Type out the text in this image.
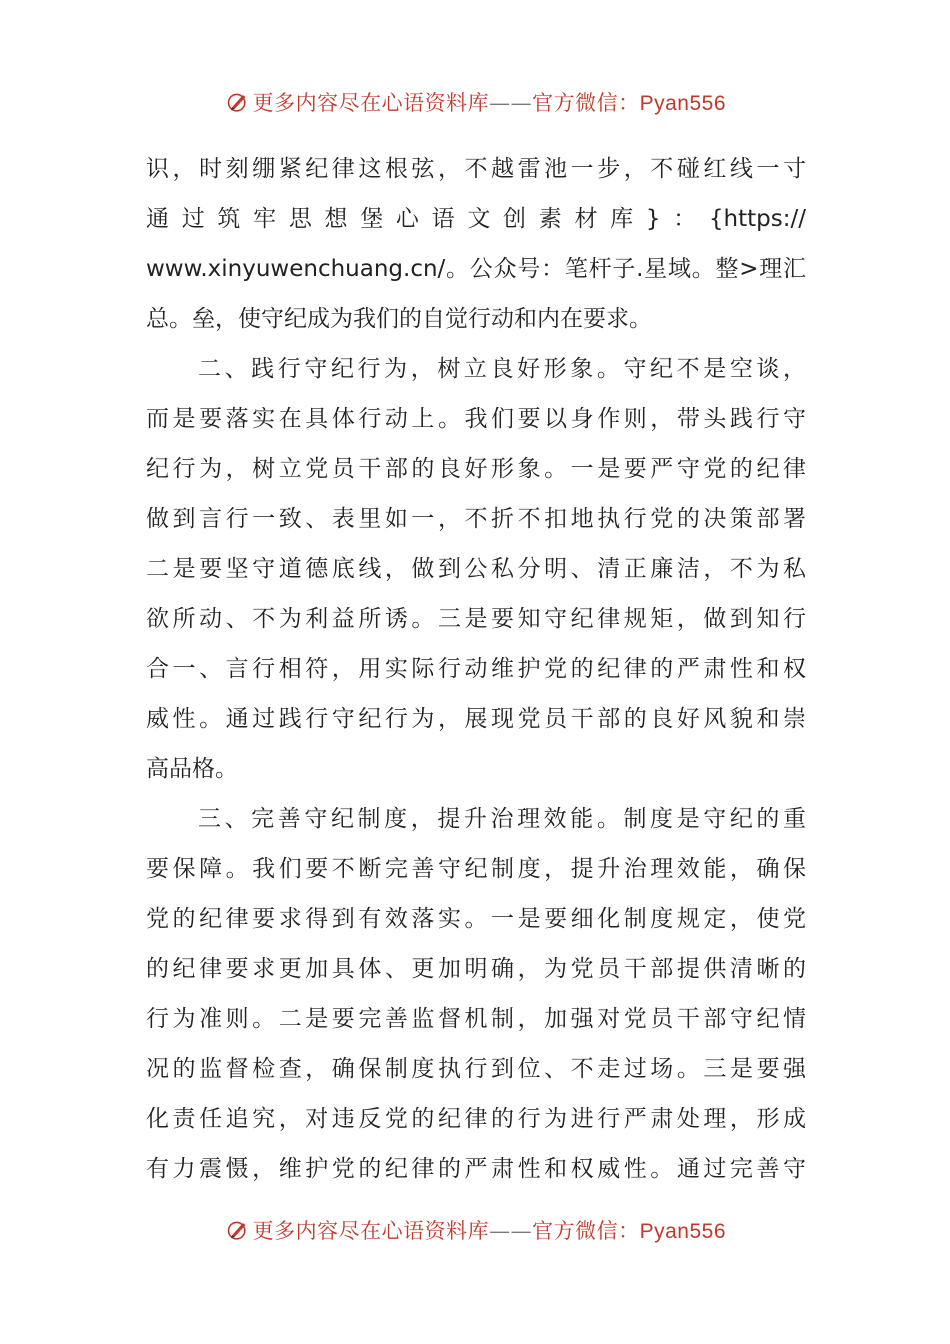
更多内容尽在心语资料库——官方微信：Pyan556
识，时刻绷紧纪律这根弦，不越雷池一步，不碰红线一寸
通过筑牢思想堡心语文创素材库}：{https://
www.xinyuwenchuang.cn/。公众号：笔杆子.星域。整>理汇
总。垒，使守纪成为我们的自觉行动和内在要求。
二、践行守纪行为，树立良好形象。守纪不是空谈，
而是要落实在具体行动上。我们要以身作则，带头践行守
纪行为，树立党员干部的良好形象。一是要严守党的纪律
做到言行一致、表里如一，不折不扣地执行党的决策部署
二是要坚守道德底线，做到公私分明、清正廉洁，不为私
欲所动、不为利益所诱。三是要知守纪律规矩，做到知行
合一、言行相符，用实际行动维护党的纪律的严肃性和权
威性。通过践行守纪行为，展现党员干部的良好风貌和崇
高品格。
三、完善守纪制度，提升治理效能。制度是守纪的重
要保障。我们要不断完善守纪制度，提升治理效能，确保
党的纪律要求得到有效落实。一是要细化制度规定，使党
的纪律要求更加具体、更加明确，为党员干部提供清晰的
行为准则。二是要完善监督机制，加强对党员干部守纪情
况的监督检查，确保制度执行到位、不走过场。三是要强
化责任追究，对违反党的纪律的行为进行严肃处理，形成
有力震慑，维护党的纪律的严肃性和权威性。通过完善守
更多内容尽在心语资料库——官方微信：Pyan556
